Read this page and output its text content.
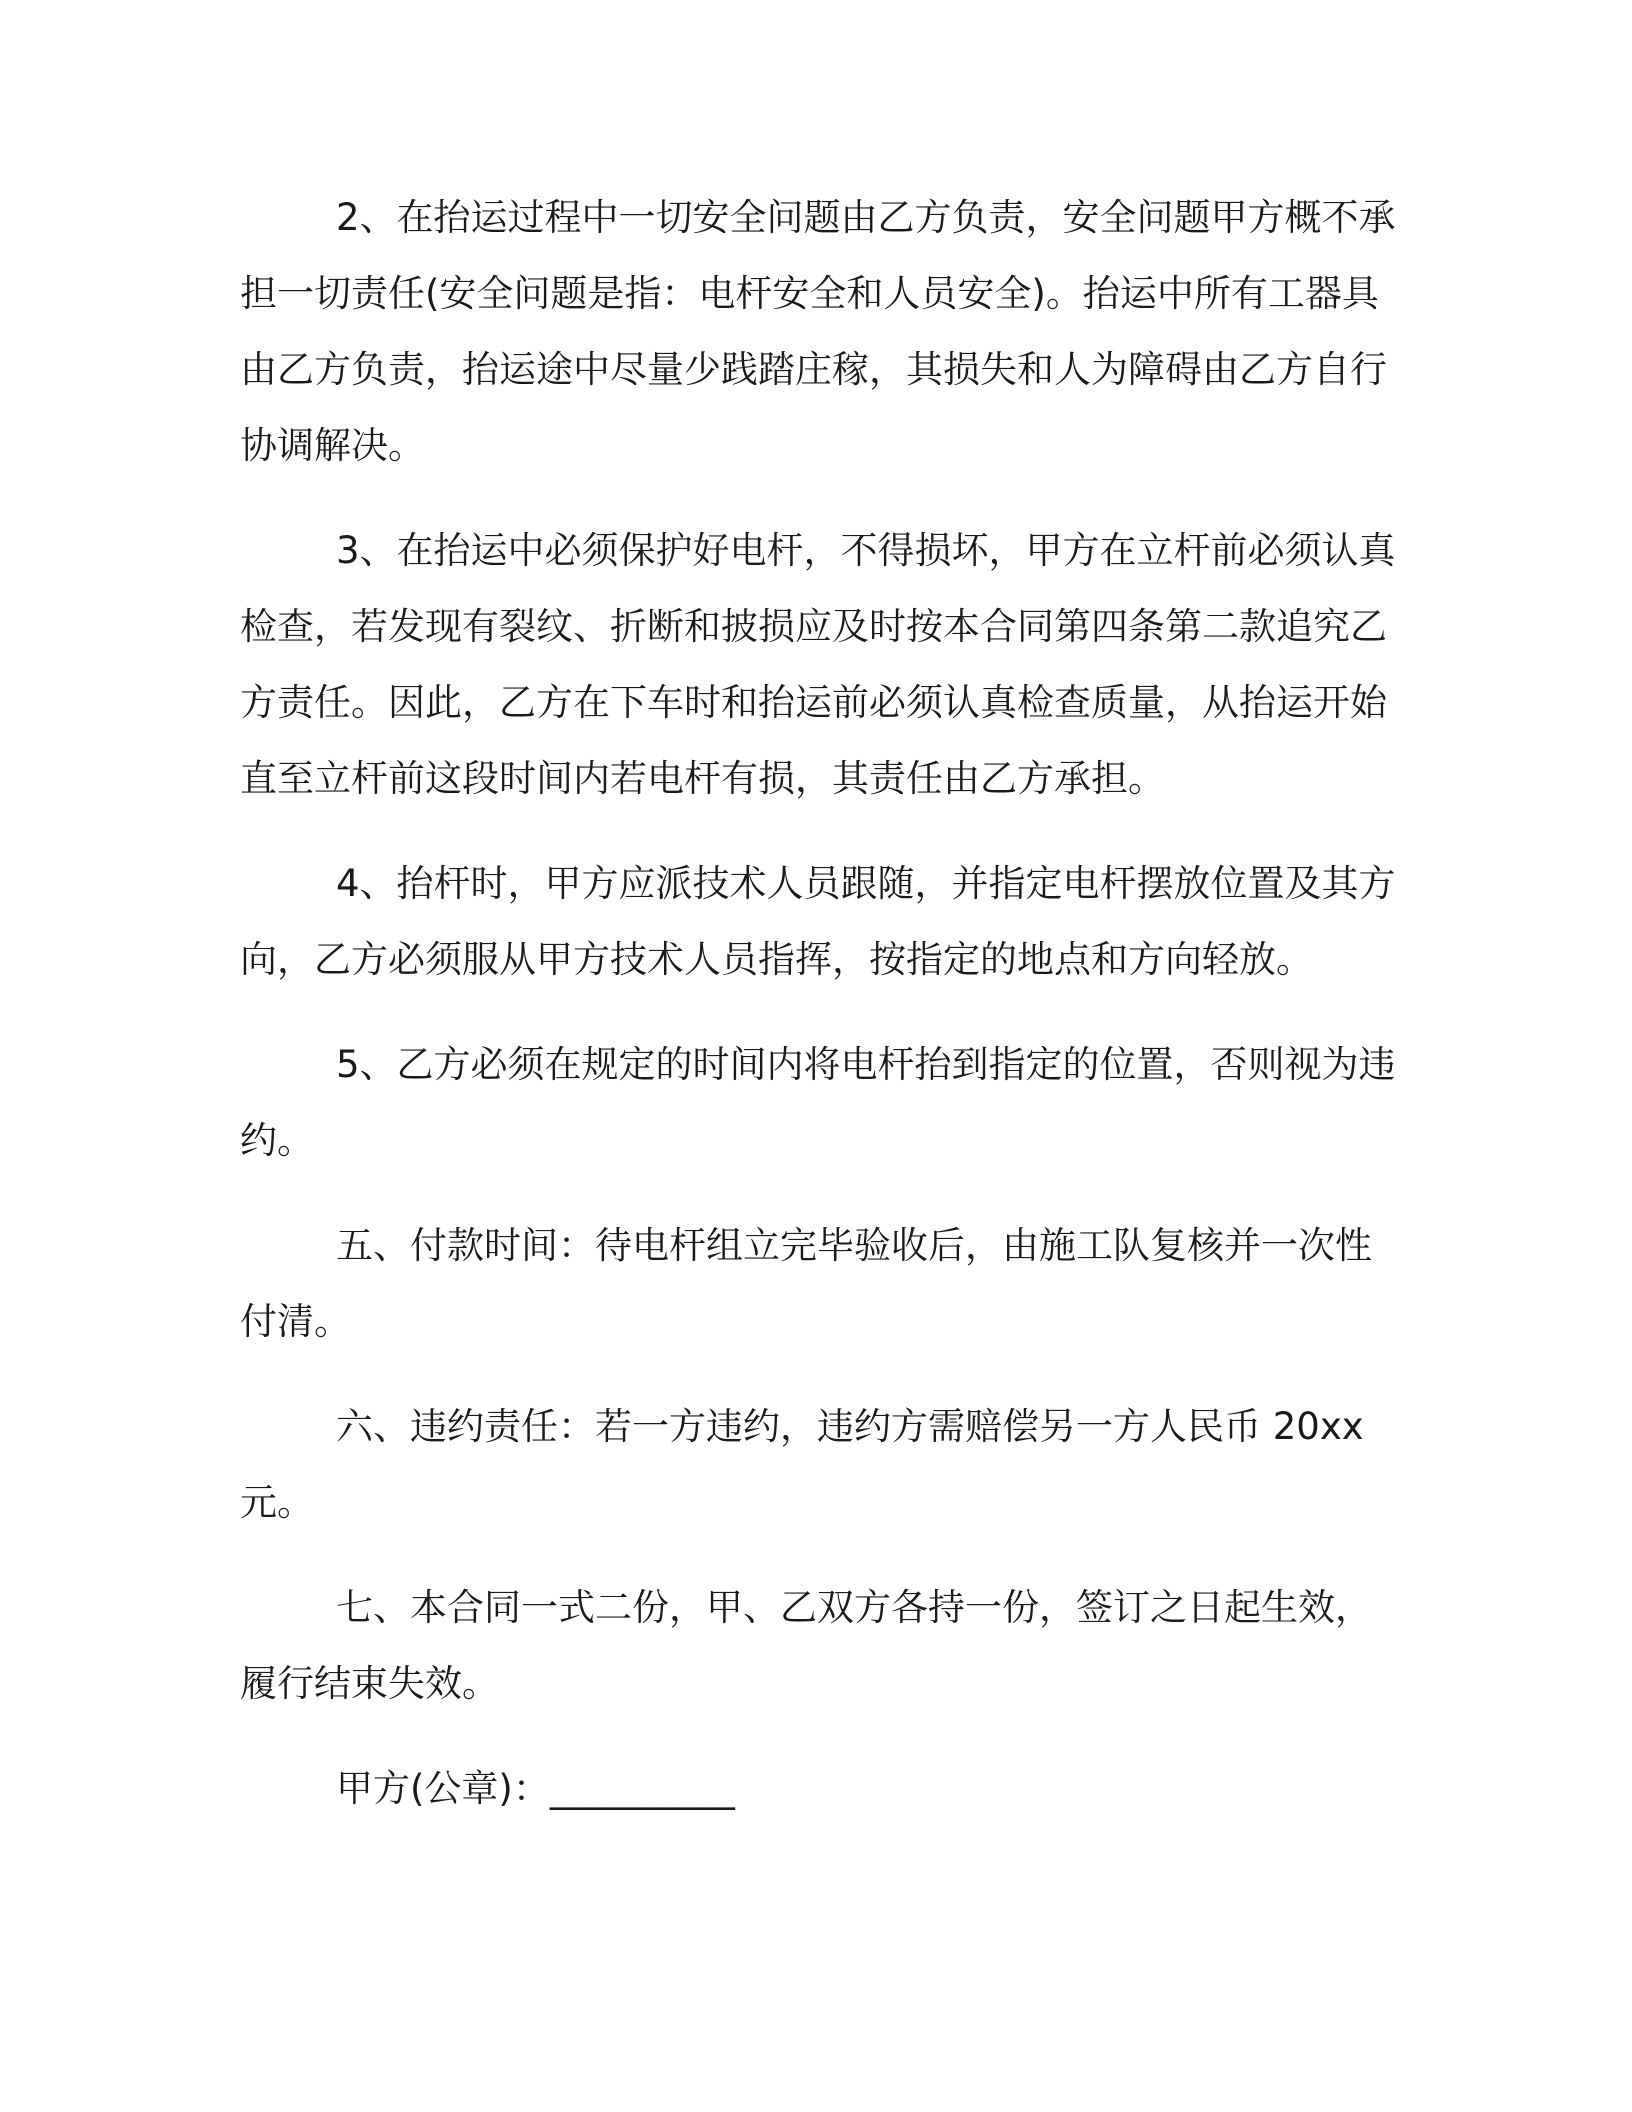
2、在抬运过程中一切安全问题由乙方负责，安全问题甲方概不承担一切责任(安全问题是指：电杆安全和人员安全)。抬运中所有工器具由乙方负责，抬运途中尽量少践踏庄稼，其损失和人为障碍由乙方自行协调解决。

3、在抬运中必须保护好电杆，不得损坏，甲方在立杆前必须认真检查，若发现有裂纹、折断和披损应及时按本合同第四条第二款追究乙方责任。因此，乙方在下车时和抬运前必须认真检查质量，从抬运开始直至立杆前这段时间内若电杆有损，其责任由乙方承担。

4、抬杆时，甲方应派技术人员跟随，并指定电杆摆放位置及其方向，乙方必须服从甲方技术人员指挥，按指定的地点和方向轻放。

5、乙方必须在规定的时间内将电杆抬到指定的位置，否则视为违约。

五、付款时间：待电杆组立完毕验收后，由施工队复核并一次性付清。

六、违约责任：若一方违约，违约方需赔偿另一方人民币 20xx元。

七、本合同一式二份，甲、乙双方各持一份，签订之日起生效，履行结束失效。

甲方(公章)：__________
